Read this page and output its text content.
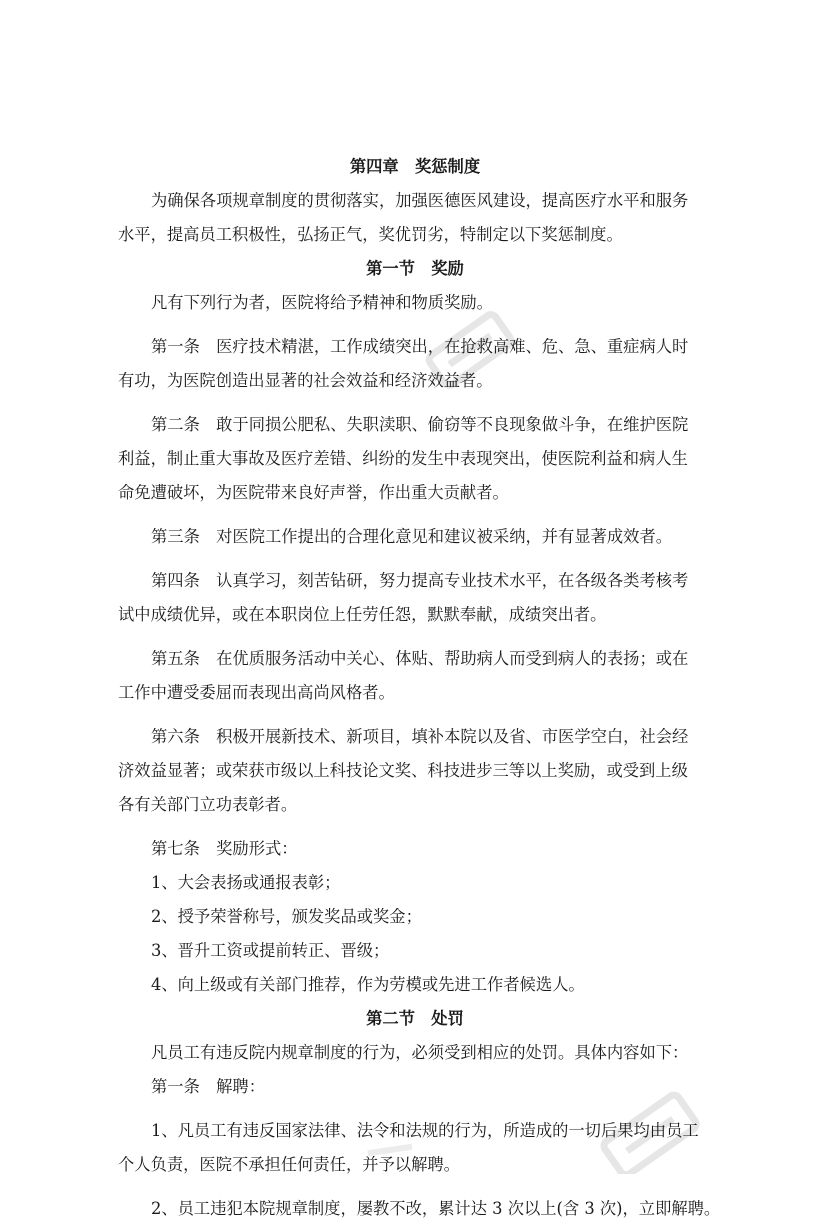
第四章　奖惩制度
为确保各项规章制度的贯彻落实，加强医德医风建设，提高医疗水平和服务
水平，提高员工积极性，弘扬正气，奖优罚劣，特制定以下奖惩制度。
第一节　奖励
凡有下列行为者，医院将给予精神和物质奖励。
第一条　医疗技术精湛，工作成绩突出，在抢救高难、危、急、重症病人时
有功，为医院创造出显著的社会效益和经济效益者。
第二条　敢于同损公肥私、失职渎职、偷窃等不良现象做斗争，在维护医院
利益，制止重大事故及医疗差错、纠纷的发生中表现突出，使医院利益和病人生
命免遭破坏，为医院带来良好声誉，作出重大贡献者。
第三条　对医院工作提出的合理化意见和建议被采纳，并有显著成效者。
第四条　认真学习，刻苦钻研，努力提高专业技术水平，在各级各类考核考
试中成绩优异，或在本职岗位上任劳任怨，默默奉献，成绩突出者。
第五条　在优质服务活动中关心、体贴、帮助病人而受到病人的表扬；或在
工作中遭受委屈而表现出高尚风格者。
第六条　积极开展新技术、新项目，填补本院以及省、市医学空白，社会经
济效益显著；或荣获市级以上科技论文奖、科技进步三等以上奖励，或受到上级
各有关部门立功表彰者。
第七条　奖励形式：
1、大会表扬或通报表彰；
2、授予荣誉称号，颁发奖品或奖金；
3、晋升工资或提前转正、晋级；
4、向上级或有关部门推荐，作为劳模或先进工作者候选人。
第二节　处罚
凡员工有违反院内规章制度的行为，必须受到相应的处罚。具体内容如下：
第一条　解聘：
1、凡员工有违反国家法律、法令和法规的行为，所造成的一切后果均由员工
个人负责，医院不承担任何责任，并予以解聘。
2、员工违犯本院规章制度，屡教不改，累计达 3 次以上(含 3 次)，立即解聘。
